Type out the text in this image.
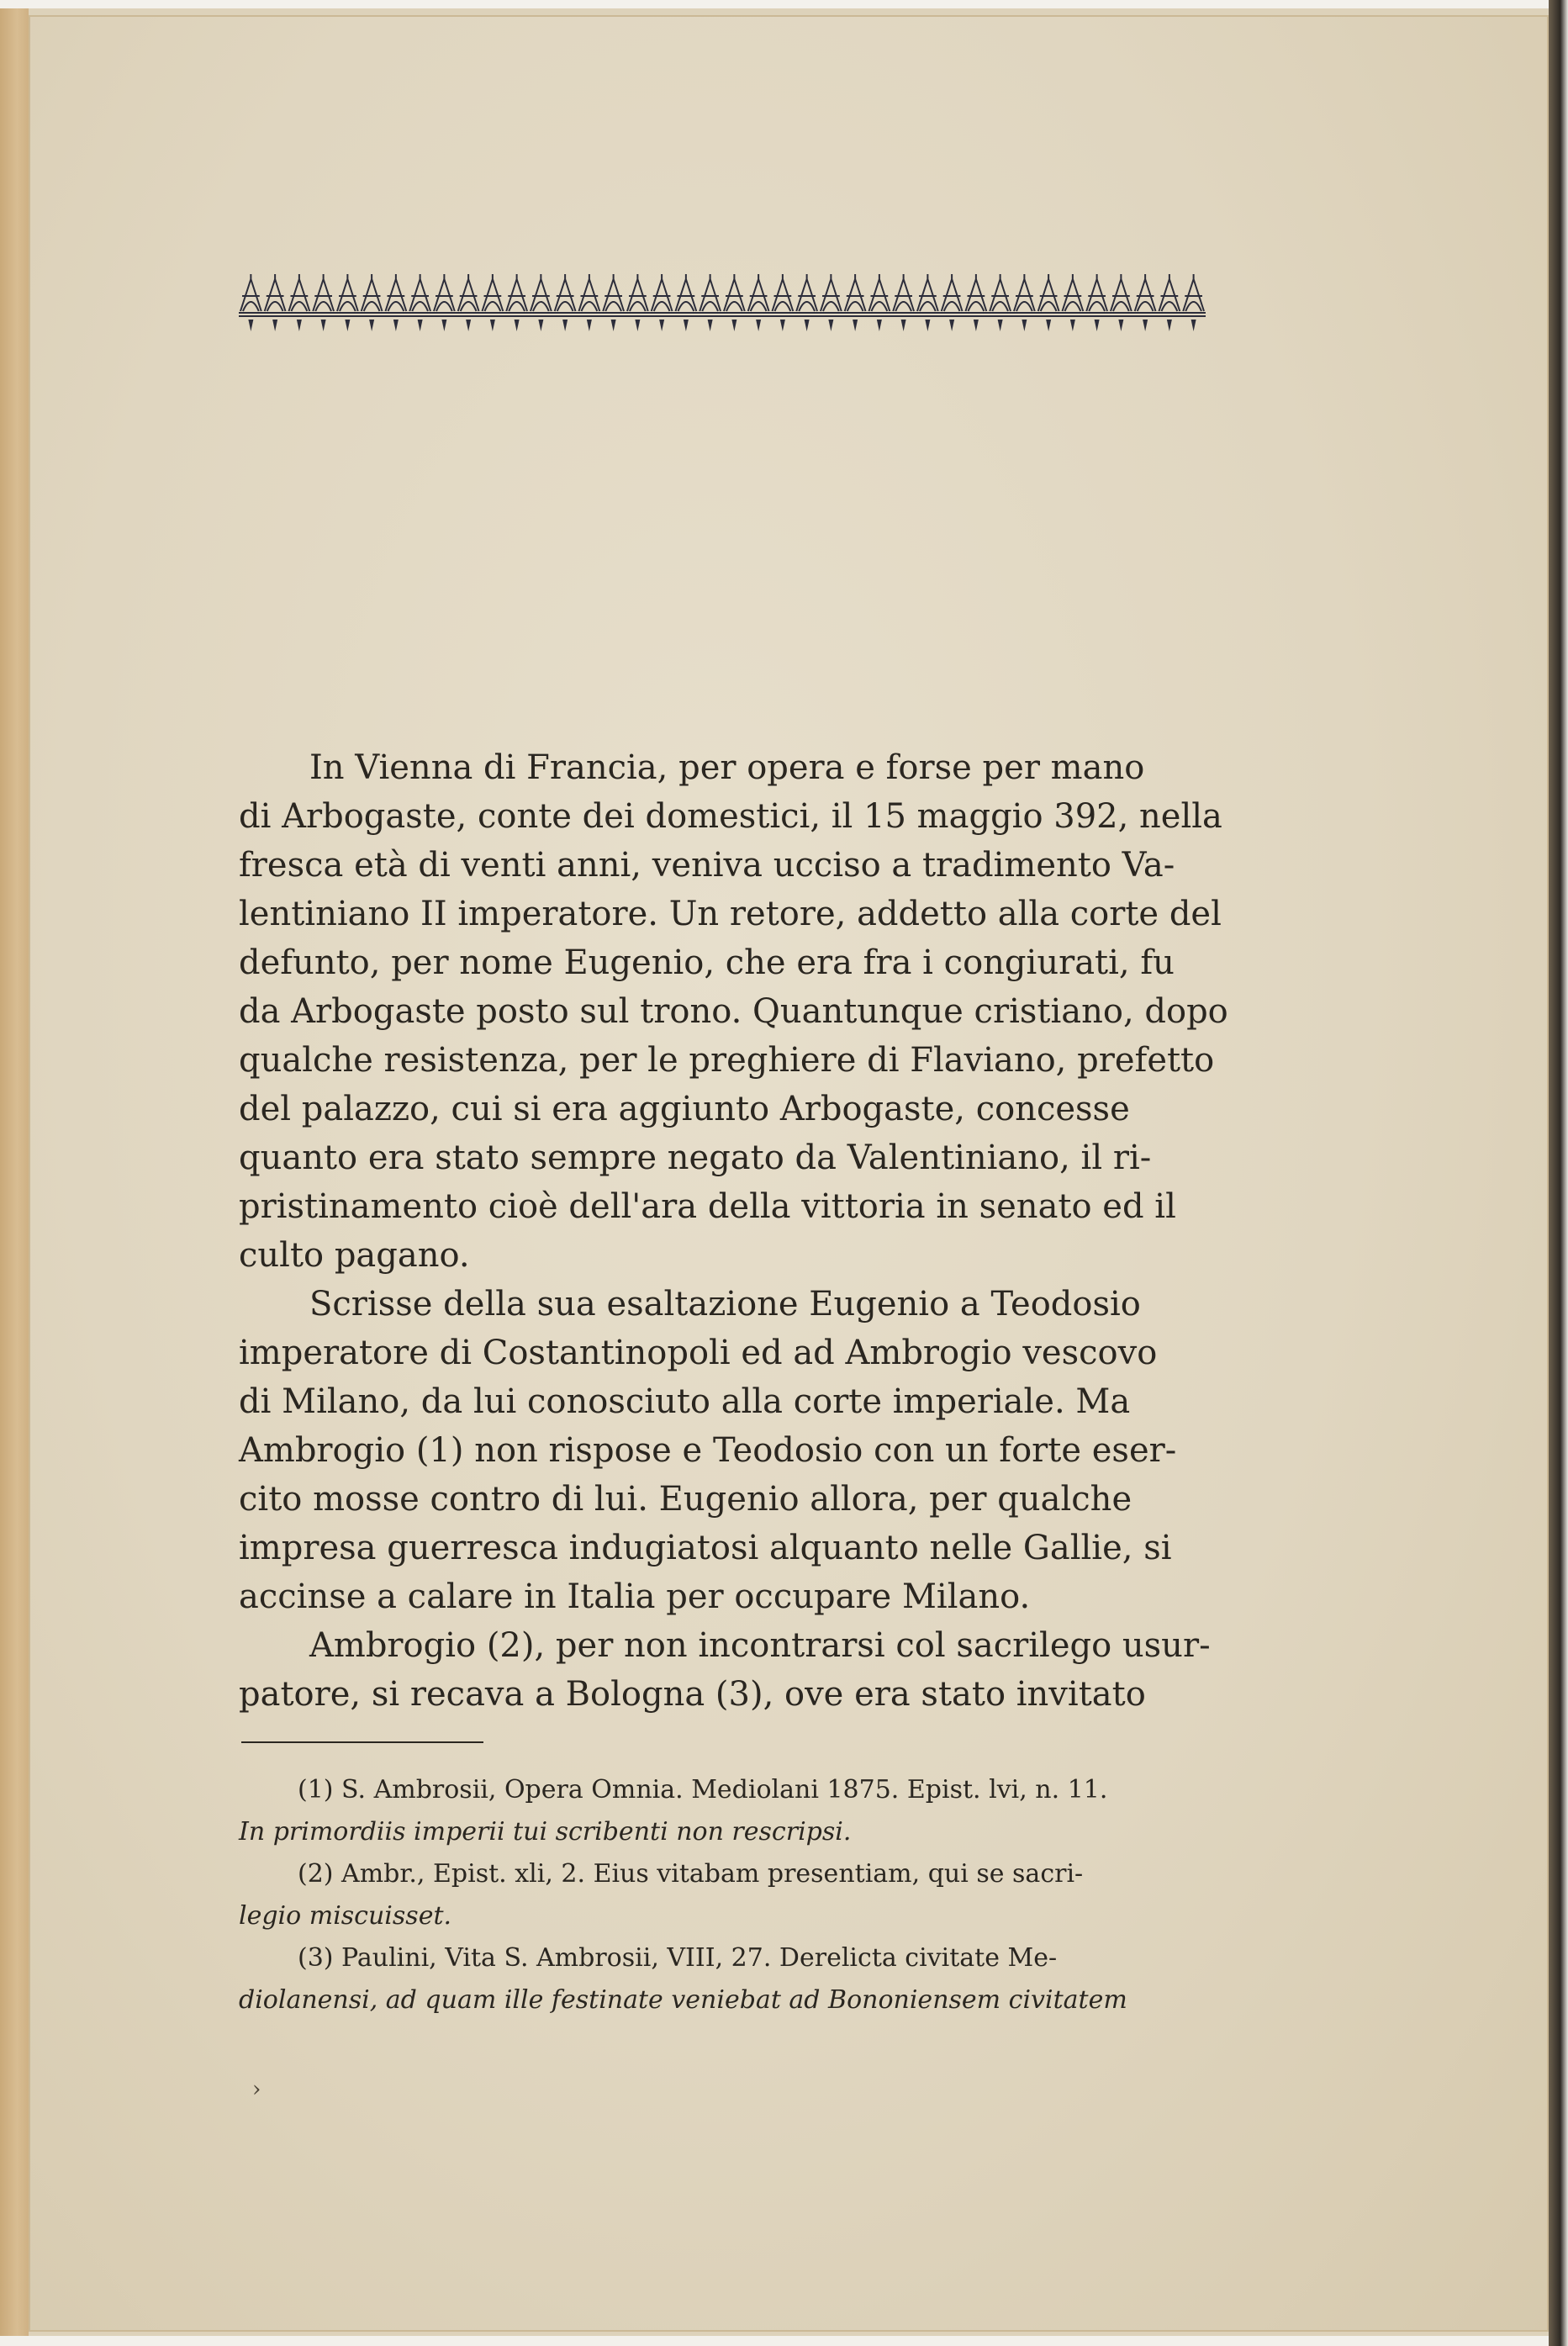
In Vienna di Francia, per opera e forse per mano
di Arbogaste, conte dei domestici, il 15 maggio 392, nella
fresca età di venti anni, veniva ucciso a tradimento Va-
lentiniano II imperatore. Un retore, addetto alla corte del
defunto, per nome Eugenio, che era fra i congiurati, fu
da Arbogaste posto sul trono. Quantunque cristiano, dopo
qualche resistenza, per le preghiere di Flaviano, prefetto
del palazzo, cui si era aggiunto Arbogaste, concesse
quanto era stato sempre negato da Valentiniano, il ri-
pristinamento cioè dell'ara della vittoria in senato ed il
culto pagano.
Scrisse della sua esaltazione Eugenio a Teodosio
imperatore di Costantinopoli ed ad Ambrogio vescovo
di Milano, da lui conosciuto alla corte imperiale. Ma
Ambrogio (1) non rispose e Teodosio con un forte eser-
cito mosse contro di lui. Eugenio allora, per qualche
impresa guerresca indugiatosi alquanto nelle Gallie, si
accinse a calare in Italia per occupare Milano.
Ambrogio (2), per non incontrarsi col sacrilego usur-
patore, si recava a Bologna (3), ove era stato invitato
(1) S. Ambrosii, Opera Omnia. Mediolani 1875. Epist. lvi, n. 11.
In primordiis imperii tui scribenti non rescripsi.
(2) Ambr., Epist. xli, 2. Eius vitabam presentiam, qui se sacri-
legio miscuisset.
(3) Paulini, Vita S. Ambrosii, VIII, 27. Derelicta civitate Me-
diolanensi, ad quam ille festinate veniebat ad Bononiensem civitatem
›
